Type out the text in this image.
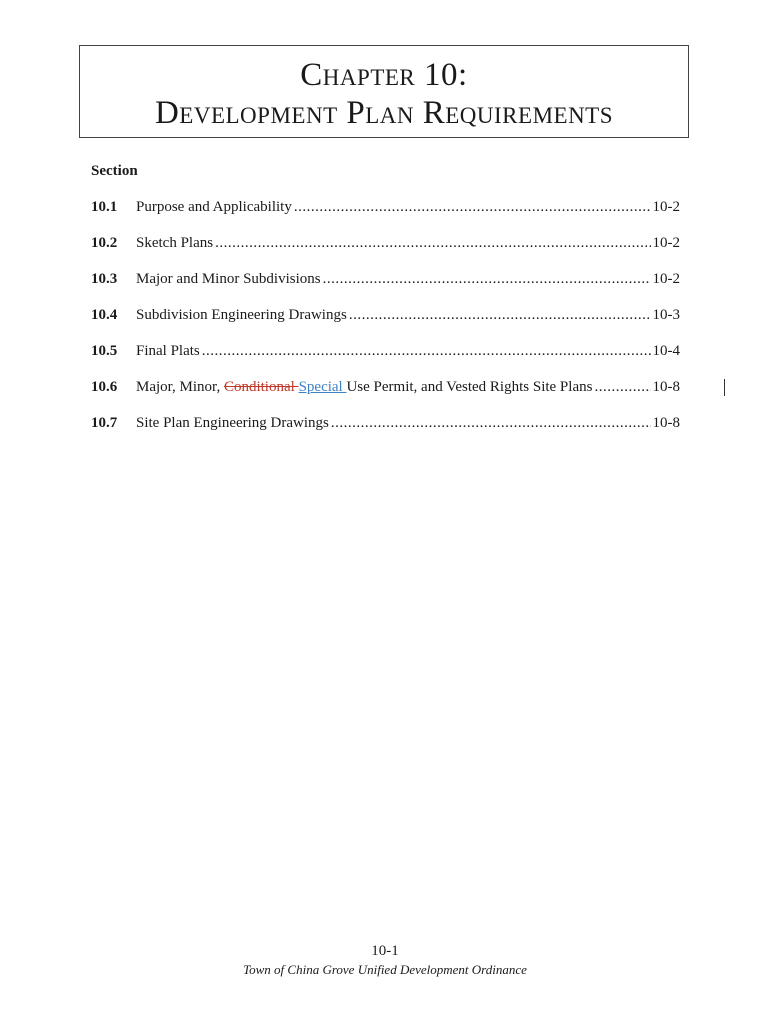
Chapter 10:
Development Plan Requirements
Section
10.1	Purpose and Applicability .....	10-2
10.2	Sketch Plans .....	10-2
10.3	Major and Minor Subdivisions .....	10-2
10.4	Subdivision Engineering Drawings .....	10-3
10.5	Final Plats .....	10-4
10.6	Major, Minor, Conditional Special Use Permit, and Vested Rights Site Plans .....	10-8
10.7	Site Plan Engineering Drawings .....	10-8
10-1
Town of China Grove Unified Development Ordinance
